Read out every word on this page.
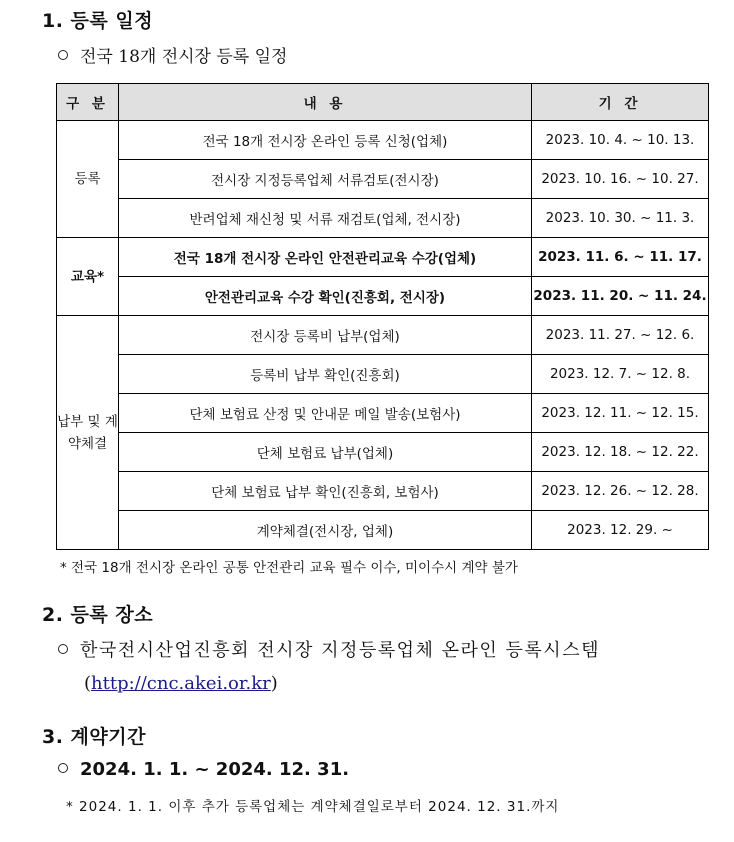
1. 등록 일정
전국 18개 전시장 등록 일정
구 분	내 용	기 간
등록	전국 18개 전시장 온라인 등록 신청(업체)	2023. 10. 4. ~ 10. 13.
	전시장 지정등록업체 서류검토(전시장)	2023. 10. 16. ~ 10. 27.
	반려업체 재신청 및 서류 재검토(업체, 전시장)	2023. 10. 30. ~ 11. 3.
교육*	전국 18개 전시장 온라인 안전관리교육 수강(업체)	2023. 11. 6. ~ 11. 17.
	안전관리교육 수강 확인(진흥회, 전시장)	2023. 11. 20. ~ 11. 24.
납부 및 계약체결	전시장 등록비 납부(업체)	2023. 11. 27. ~ 12. 6.
	등록비 납부 확인(진흥회)	2023. 12. 7. ~ 12. 8.
	단체 보험료 산정 및 안내문 메일 발송(보험사)	2023. 12. 11. ~ 12. 15.
	단체 보험료 납부(업체)	2023. 12. 18. ~ 12. 22.
	단체 보험료 납부 확인(진흥회, 보험사)	2023. 12. 26. ~ 12. 28.
	계약체결(전시장, 업체)	2023. 12. 29. ~
* 전국 18개 전시장 온라인 공통 안전관리 교육 필수 이수, 미이수시 계약 불가
2. 등록 장소
한국전시산업진흥회 전시장 지정등록업체 온라인 등록시스템
(http://cnc.akei.or.kr)
3. 계약기간
2024. 1. 1. ~ 2024. 12. 31.
* 2024. 1. 1. 이후 추가 등록업체는 계약체결일로부터 2024. 12. 31.까지
